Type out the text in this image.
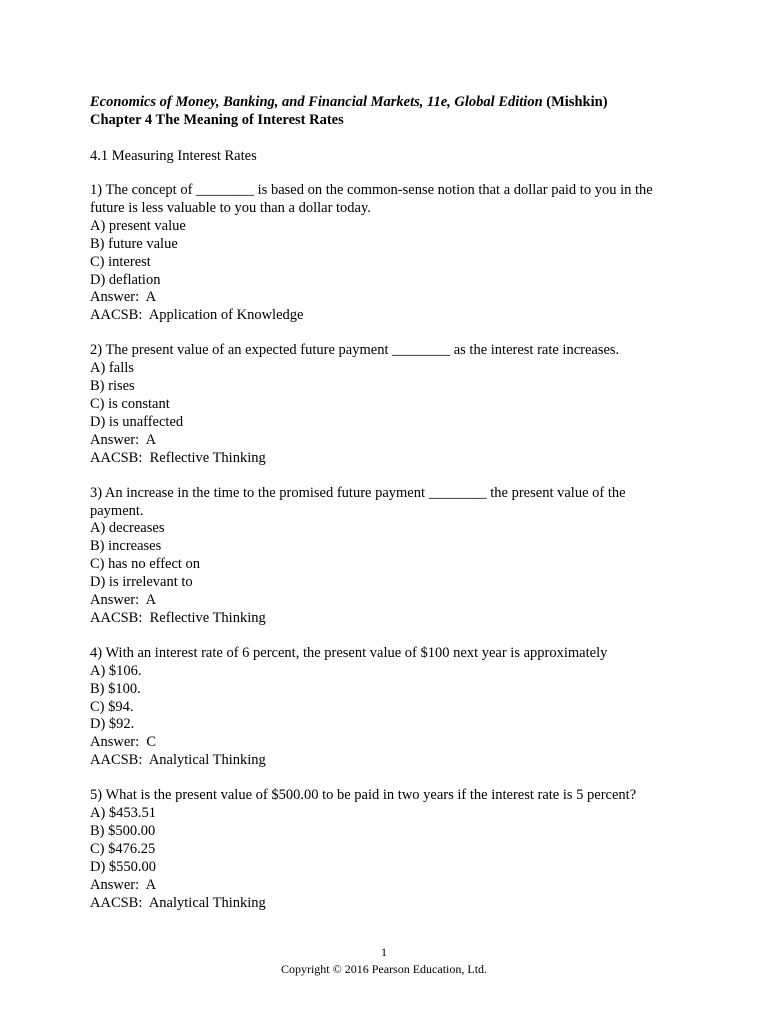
Economics of Money, Banking, and Financial Markets, 11e, Global Edition (Mishkin)
Chapter 4 The Meaning of Interest Rates
4.1 Measuring Interest Rates
1) The concept of ________ is based on the common-sense notion that a dollar paid to you in the
future is less valuable to you than a dollar today.
A) present value
B) future value
C) interest
D) deflation
Answer:  A
AACSB:  Application of Knowledge
2) The present value of an expected future payment ________ as the interest rate increases.
A) falls
B) rises
C) is constant
D) is unaffected
Answer:  A
AACSB:  Reflective Thinking
3) An increase in the time to the promised future payment ________ the present value of the
payment.
A) decreases
B) increases
C) has no effect on
D) is irrelevant to
Answer:  A
AACSB:  Reflective Thinking
4) With an interest rate of 6 percent, the present value of $100 next year is approximately
A) $106.
B) $100.
C) $94.
D) $92.
Answer:  C
AACSB:  Analytical Thinking
5) What is the present value of $500.00 to be paid in two years if the interest rate is 5 percent?
A) $453.51
B) $500.00
C) $476.25
D) $550.00
Answer:  A
AACSB:  Analytical Thinking
1
Copyright © 2016 Pearson Education, Ltd.
